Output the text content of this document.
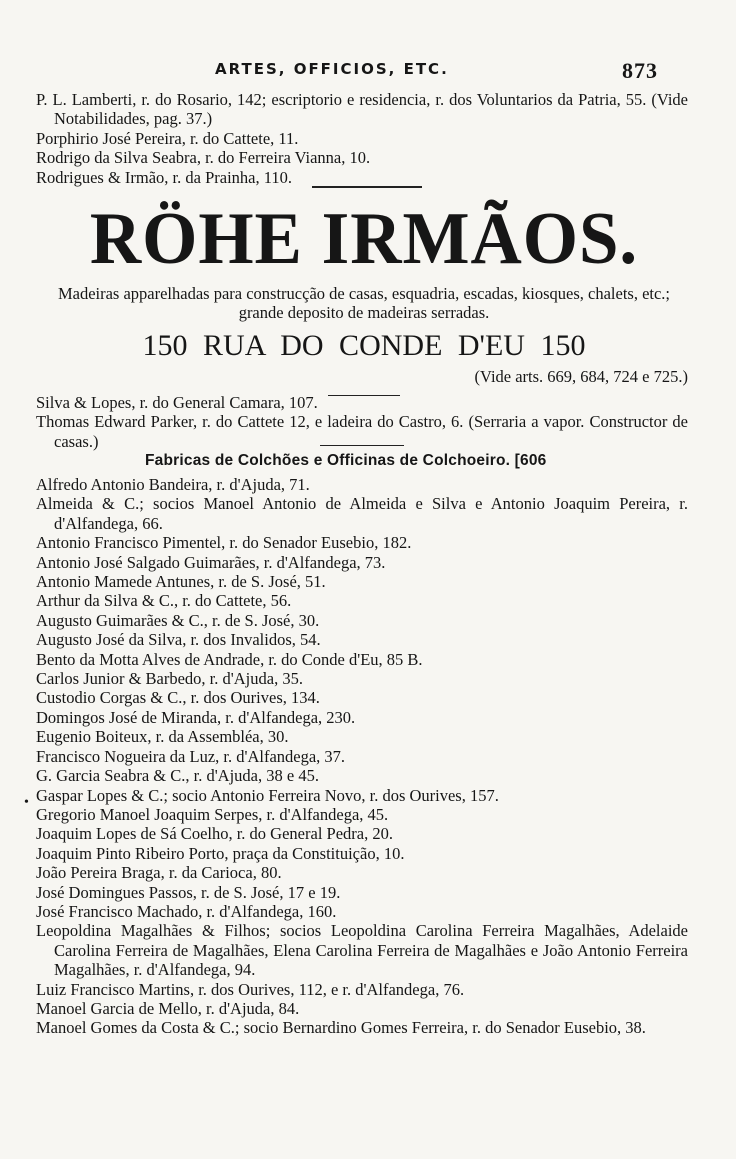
ARTES, OFFICIOS, ETC.	873

P. L. Lamberti, r. do Rosario, 142; escriptorio e residencia, r. dos Voluntarios da Patria, 55. (Vide Notabilidades, pag. 37.)

Porphirio José Pereira, r. do Cattete, 11.

Rodrigo da Silva Seabra, r. do Ferreira Vianna, 10.

Rodrigues & Irmão, r. da Prainha, 110.

RÖHE IRMÃOS.
Madeiras apparelhadas para construcção de casas, esquadria, escadas, kiosques, chalets, etc.; grande deposito de madeiras serradas.
150 RUA DO CONDE D'EU 150
(Vide arts. 669, 684, 724 e 725.)

Silva & Lopes, r. do General Camara, 107.

Thomas Edward Parker, r. do Cattete 12, e ladeira do Castro, 6. (Serraria a vapor. Constructor de casas.)

Fabricas de Colchões e Officinas de Colchoeiro. [606
•

Alfredo Antonio Bandeira, r. d'Ajuda, 71.

Almeida & C.; socios Manoel Antonio de Almeida e Silva e Antonio Joaquim Pereira, r. d'Alfandega, 66.

Antonio Francisco Pimentel, r. do Senador Eusebio, 182.

Antonio José Salgado Guimarães, r. d'Alfandega, 73.

Antonio Mamede Antunes, r. de S. José, 51.

Arthur da Silva & C., r. do Cattete, 56.

Augusto Guimarães & C., r. de S. José, 30.

Augusto José da Silva, r. dos Invalidos, 54.

Bento da Motta Alves de Andrade, r. do Conde d'Eu, 85 B.

Carlos Junior & Barbedo, r. d'Ajuda, 35.

Custodio Corgas & C., r. dos Ourives, 134.

Domingos José de Miranda, r. d'Alfandega, 230.

Eugenio Boiteux, r. da Assembléa, 30.

Francisco Nogueira da Luz, r. d'Alfandega, 37.

G. Garcia Seabra & C., r. d'Ajuda, 38 e 45.

Gaspar Lopes & C.; socio Antonio Ferreira Novo, r. dos Ourives, 157.

Gregorio Manoel Joaquim Serpes, r. d'Alfandega, 45.

Joaquim Lopes de Sá Coelho, r. do General Pedra, 20.

Joaquim Pinto Ribeiro Porto, praça da Constituição, 10.

João Pereira Braga, r. da Carioca, 80.

José Domingues Passos, r. de S. José, 17 e 19.

José Francisco Machado, r. d'Alfandega, 160.

Leopoldina Magalhães & Filhos; socios Leopoldina Carolina Ferreira Magalhães, Adelaide Carolina Ferreira de Magalhães, Elena Carolina Ferreira de Magalhães e João Antonio Ferreira Magalhães, r. d'Alfandega, 94.

Luiz Francisco Martins, r. dos Ourives, 112, e r. d'Alfandega, 76.

Manoel Garcia de Mello, r. d'Ajuda, 84.

Manoel Gomes da Costa & C.; socio Bernardino Gomes Ferreira, r. do Senador Eusebio, 38.
